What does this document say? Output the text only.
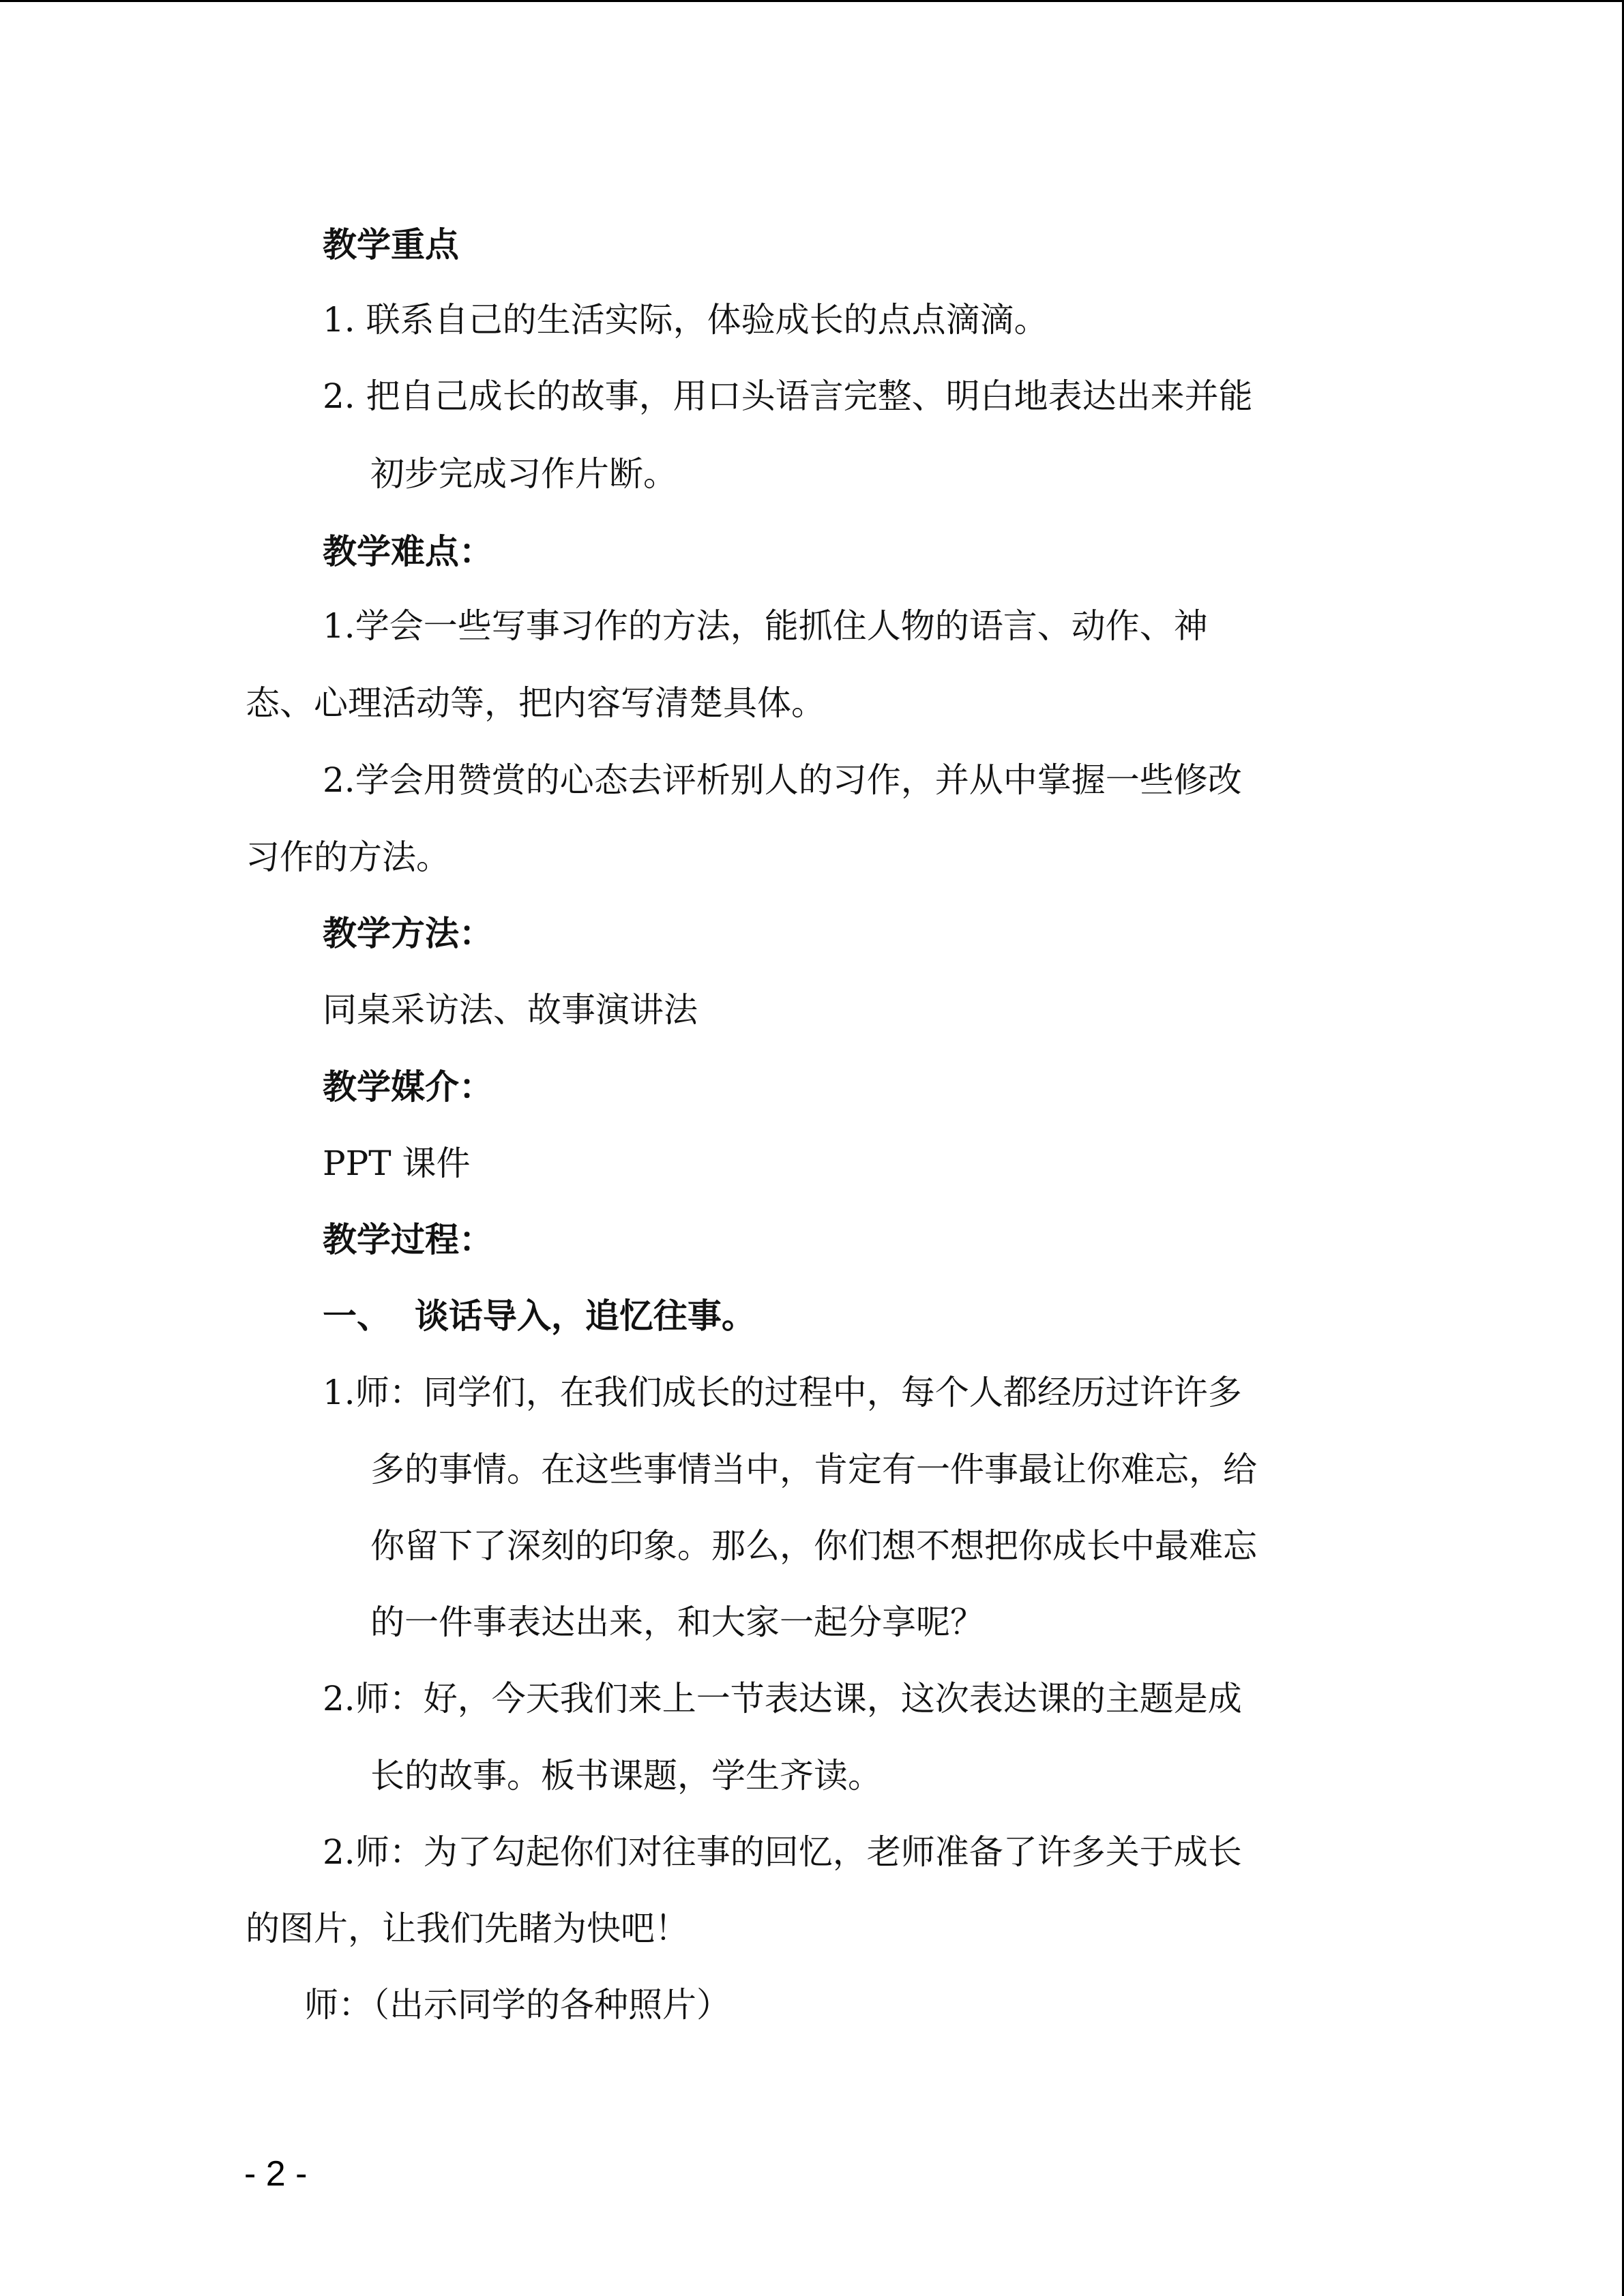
教学重点
1. 联系自己的生活实际，体验成长的点点滴滴。
2. 把自己成长的故事，用口头语言完整、明白地表达出来并能
初步完成习作片断。
教学难点：
1.学会一些写事习作的方法，能抓住人物的语言、动作、神
态、心理活动等，把内容写清楚具体。
2.学会用赞赏的心态去评析别人的习作，并从中掌握一些修改
习作的方法。
教学方法：
同桌采访法、故事演讲法
教学媒介：
PPT 课件
教学过程：
一、  谈话导入，追忆往事。
1.师：同学们，在我们成长的过程中，每个人都经历过许许多
多的事情。在这些事情当中，肯定有一件事最让你难忘，给
你留下了深刻的印象。那么，你们想不想把你成长中最难忘
的一件事表达出来，和大家一起分享呢？
2.师：好，今天我们来上一节表达课，这次表达课的主题是成
长的故事。板书课题，学生齐读。
2.师：为了勾起你们对往事的回忆，老师准备了许多关于成长
的图片，让我们先睹为快吧！
师：（出示同学的各种照片）
- 2 -
